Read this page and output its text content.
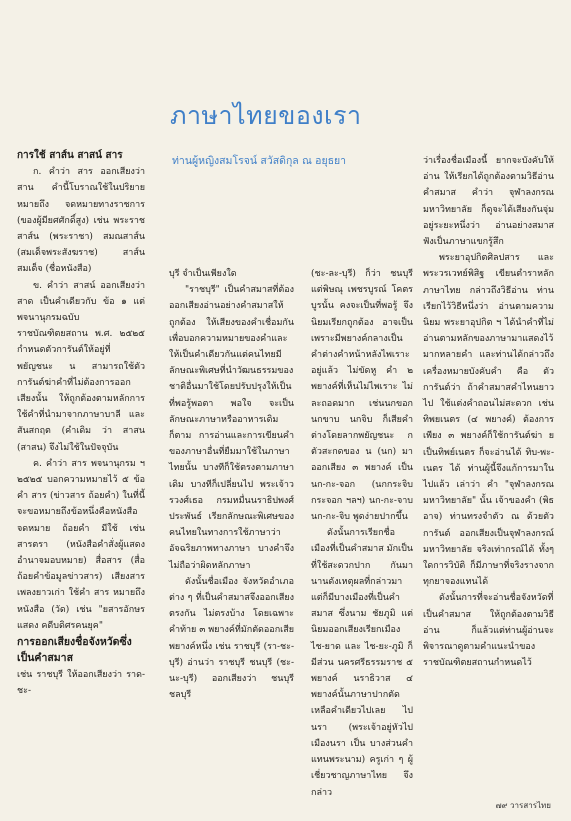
ภาษาไทยของเรา
ท่านผู้หญิงสมโรจน์ สวัสดิกุล ณ อยุธยา

การใช้ สาส์น สาสน์ สาร

ก. คำว่า สาร ออกเสียงว่า สาน คำนี้โบราณใช้ในปริยาย หมายถึง จดหมายทางราชการ (ของผู้มียศศักดิ์สูง) เช่น พระราชสาส์น (พระราชา) สมณสาส์น (สมเด็จพระสังฆราช) สาส์นสมเด็จ (ชื่อหนังสือ)

ข. คำว่า สาสน์ ออกเสียงว่า สาด เป็นคำเดียวกับ ข้อ ๑ แต่พจนานุกรมฉบับราชบัณฑิตยสถาน พ.ศ. ๒๕๒๕ กำหนดตัวการันต์ให้อยู่ที่พยัญชนะ น สามารถใช้ตัวการันต์ฆ่าคำที่ไม่ต้องการออกเสียงนั้น ให้ถูกต้องตามหลักการใช้คำที่นำมาจากภาษาบาลี และสันสกฤต (คำเดิม ว่า สาสน (สาสน) จึงไม่ใช้ในปัจจุบัน

ค. คำว่า สาร พจนานุกรม ฯ ๒๕๒๕ บอกความหมายไว้ ๕ ข้อ คำ สาร (ข่าวสาร ถ้อยคำ) ในที่นี้จะขอหมายถึงข้อหนึ่งคือหนังสือ จดหมาย ถ้อยคำ มีใช้ เช่น สารตรา (หนังสือคำสั่งผู้แสดงอำนาจมอบหมาย) สื่อสาร (สื่อถ้อยคำข้อมูลข่าวสาร) เสียงสารเพลงยาวเก่า ใช้คำ สาร หมายถึง หนังสือ (วัด) เช่น "ยสารอักษรแสดง คดีบดิศรคนยุค"

การออกเสียงชื่อจังหวัดซึ่งเป็นคำสมาส

เช่น ราชบุรี ให้ออกเสียงว่า ราด-ชะ-

บุรี จำเป็นเพียงใด

"ราชบุรี" เป็นคำสมาสที่ต้องออกเสียงอ่านอย่างคำสมาสให้ถูกต้อง ให้เสียงของคำเชื่อมกัน เพื่อบอกความหมายของคำและให้เป็นคำเดียวกันแต่คนไทยมีลักษณะพิเศษที่นำวัฒนธรรมของชาติอื่นมาใช้โดยปรับปรุงให้เป็นที่พอรู้พอตา พอใจ จะเป็นลักษณะภาษาหรืออาหารเดิมก็ตาม การอ่านและการเขียนคำของภาษาอื่นที่ยืมมาใช้ในภาษาไทยนั้น บางทีก็ใช้ตรงตามภาษาเดิม บางทีก็เปลี่ยนไป พระเจ้าวรวงศ์เธอ กรมหมื่นนราธิปพงศ์ประพันธ์ เรียกลักษณะพิเศษของคนไทยในทางการใช้ภาษาว่า อัจฉริยภาพทางภาษา บางคำจึงไม่ถือว่าผิดหลักภาษา

ดังนั้นชื่อเมือง จังหวัดอำเภอต่าง ๆ ที่เป็นคำสมาสจึงออกเสียงตรงกัน ไม่ตรงบ้าง โดยเฉพาะคำท้าย ๓ พยางค์ที่มักตัดออกเสียพยางค์หนึ่ง เช่น ราชบุรี (รา-ชะ-บุรี) อ่านว่า ราชบุรี ชนบุรี (ชะ-นะ-บุรี) ออกเสียงว่า ชนบุรี ชลบุรี

(ชะ-ละ-บุรี) ก็ว่า ชนบุรี แต่พิษณุ เพชรบูรณ์ โคตรบูรนั้น คงจะเป็นที่พอรู้ จึงนิยมเรียกถูกต้อง อาจเป็นเพราะมีพยางค์กลางเป็นคำต่างคำหน้าหลังไพเราะอยู่แล้ว ไม่ขัดหู คำ ๒ พยางค์ที่เห็นไม่ไพเราะ ไม่ละถอดมาก เช่นนกขอก นกขาบ นกจิบ ก็เสียคำต่างโดยลากพยัญชนะ ก ตัวสะกดของ น (นก) มาออกเสียง ๓ พยางค์ เป็น นก-กะ-จอก (นกกระจิบ กระจอก ฯลฯ) นก-กะ-จาบ นก-กะ-จิบ พูดง่ายปากขึ้น

ดังนั้นการเรียกชื่อเมืองที่เป็นคำสมาส มักเป็นที่ใช้สะดวกปาก กันมานานดังเหตุผลที่กล่าวมา แต่ก็มีบางเมืองที่เป็นคำสมาส ซึ่งนาม ชัยภูมิ แต่นิยมออกเสียงเรียกเมืองไช-ยาด และ ไช-ยะ-ภูมิ ก็มีส่วน นครศรีธรรมราช ๕ พยางค์ นราธิวาส ๔ พยางค์นั้นภาษาปากตัดเหลือคำเดียวไปเลย ไปนรา (พระเจ้าอยู่หัวไปเมืองนรา เป็น บางส่วนคำแทนพระนาม) ครูเก่า ๆ ผู้เชี่ยวชาญภาษาไทย จึงกล่าว

ว่าเรื่องชื่อเมืองนี้ ยากจะบังคับให้อ่าน ให้เรียกได้ถูกต้องตามวิธีอ่านคำสมาส คำว่า จุฬาลงกรณมหาวิทยาลัย ก็ดูจะได้เสียงกันจุ่มอยู่ระยะหนึ่งว่า อ่านอย่างสมาส ฟังเป็นภาษาแขกรู้สึก

พระยาอุปกิตศิลปสาร และพระวรเวทย์พิสิฐ เขียนตำราหลักภาษาไทย กล่าวถึงวิธีอ่าน ท่านเรียกไว้วิธีหนึ่งว่า อ่านตามความนิยม พระยาอุปกิต ฯ ได้นำคำที่ไม่อ่านตามหลักของภาษามาแสดงไว้มากหลายคำ และท่านได้กล่าวถึงเครื่องหมายบังคับคำ คือ ตัวการันต์ว่า ถ้าคำสมาสคำไหนยาวไป ใช้แต่งคำถอนไม่สะดวก เช่น ทิพยเนตร (๔ พยางค์) ต้องการเพียง ๓ พยางค์ก็ใช้การันต์ฆ่า ย เป็นทิพย์เนตร ก็จะอ่านได้ ทิบ-พะ-เนตร ได้ ท่านผู้นี้จึงแก้การมาในไปแล้ว เล่าว่า คำ "จุฬาลงกรณมหาวิทยาลัย" นั้น เจ้าของคำ (พิธอาจ) ท่านทรงจำตัว ณ ด้วยตัวการันต์ ออกเสียงเป็นจุฬาลงกรณ์มหาวิทยาลัย จริงเท่ากรณ์ได้ ทั้งๆใดการวิบัติ ก็มีภาษาที่จริงรางจากทุกยาจองแทนได้

ดังนั้นการที่จะอ่านชื่อจังหวัดที่เป็นคำสมาส ให้ถูกต้องตามวิธีอ่าน ก็แล้วแต่ท่านผู้อ่านจะพิจารณาดูตามคำแนะนำของราชบัณฑิตยสถานกำหนดไว้

๗๙ วารสารไทย
